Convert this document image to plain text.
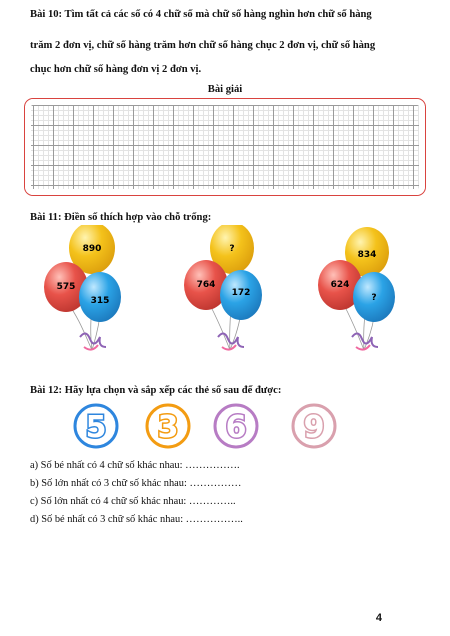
Bài 10: Tìm tất cả các số có 4 chữ số mà chữ số hàng nghìn hơn chữ số hàng
trăm 2 đơn vị, chữ số hàng trăm hơn chữ số hàng chục 2 đơn vị, chữ số hàng
chục hơn chữ số hàng đơn vị 2 đơn vị.
Bài giải
Bài 11: Điền số thích hợp vào chỗ trống:
890
575
315
?
764
172
834
624
?
Bài 12: Hãy lựa chọn và sắp xếp các thẻ số sau để được:
5 3 6 9
a) Số bé nhất có 4 chữ số khác nhau: …………….
b) Số lớn nhất có 3 chữ số khác nhau: ……………
c) Số lớn nhất có 4 chữ số khác nhau: …………..
d) Số bé nhất có 3 chữ số khác nhau: ……………..
4
